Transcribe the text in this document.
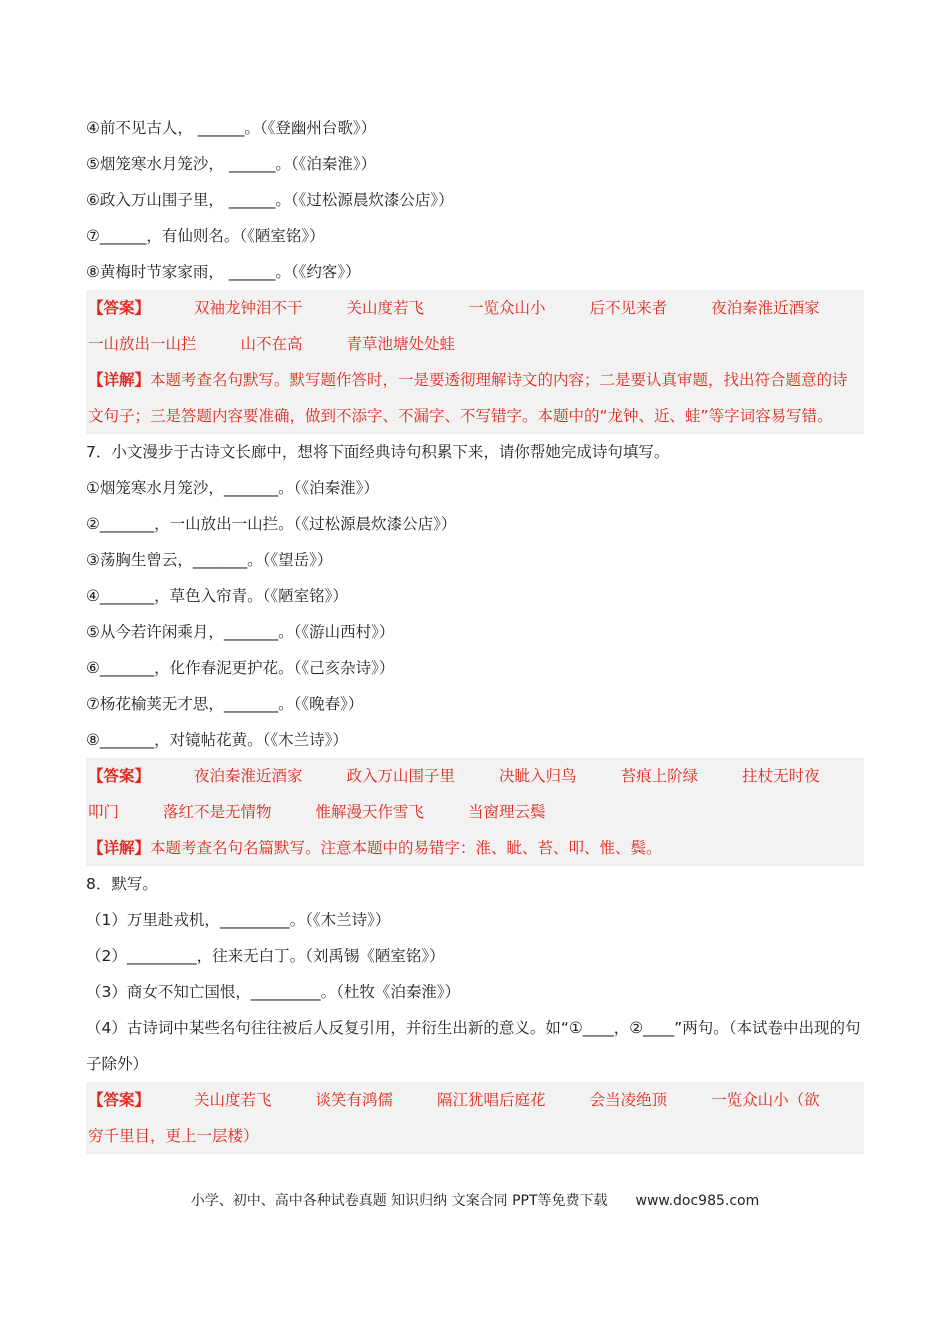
④前不见古人， ______。（《登幽州台歌》）
⑤烟笼寒水月笼沙， ______。（《泊秦淮》）
⑥政入万山围子里， ______。（《过松源晨炊漆公店》）
⑦______，有仙则名。（《陋室铭》）
⑧黄梅时节家家雨， ______。（《约客》）
【答案】	双袖龙钟泪不干	关山度若飞	一览众山小	后不见来者	夜泊秦淮近酒家
一山放出一山拦	山不在高	青草池塘处处蛙
【详解】本题考查名句默写。默写题作答时，一是要透彻理解诗文的内容；二是要认真审题，找出符合题意的诗文句子；三是答题内容要准确，做到不添字、不漏字、不写错字。本题中的“龙钟、近、蛙”等字词容易写错。
7．小文漫步于古诗文长廊中，想将下面经典诗句积累下来，请你帮她完成诗句填写。
①烟笼寒水月笼沙，_______。（《泊秦淮》）
②_______，一山放出一山拦。（《过松源晨炊漆公店》）
③荡胸生曾云，_______。（《望岳》）
④_______，草色入帘青。（《陋室铭》）
⑤从今若许闲乘月，_______。（《游山西村》）
⑥_______，化作春泥更护花。（《己亥杂诗》）
⑦杨花榆荚无才思，_______。（《晚春》）
⑧_______，对镜帖花黄。（《木兰诗》）
【答案】	夜泊秦淮近酒家	政入万山围子里	决眦入归鸟	苔痕上阶绿	拄杖无时夜
叩门	落红不是无情物	惟解漫天作雪飞	当窗理云鬓
【详解】本题考查名句名篇默写。注意本题中的易错字：淮、眦、苔、叩、惟、鬓。
8．默写。
（1）万里赴戎机，_________。（《木兰诗》）
（2）_________，往来无白丁。（刘禹锡《陋室铭》）
（3）商女不知亡国恨，_________。（杜牧《泊秦淮》）
（4）古诗词中某些名句往往被后人反复引用，并衍生出新的意义。如“①____，②____”两句。（本试卷中出现的句子除外）
【答案】	关山度若飞	谈笑有鸿儒	隔江犹唱后庭花	会当凌绝顶	一览众山小（欲
穷千里目，更上一层楼）
小学、初中、高中各种试卷真题 知识归纳 文案合同 PPT等免费下载 www.doc985.com
